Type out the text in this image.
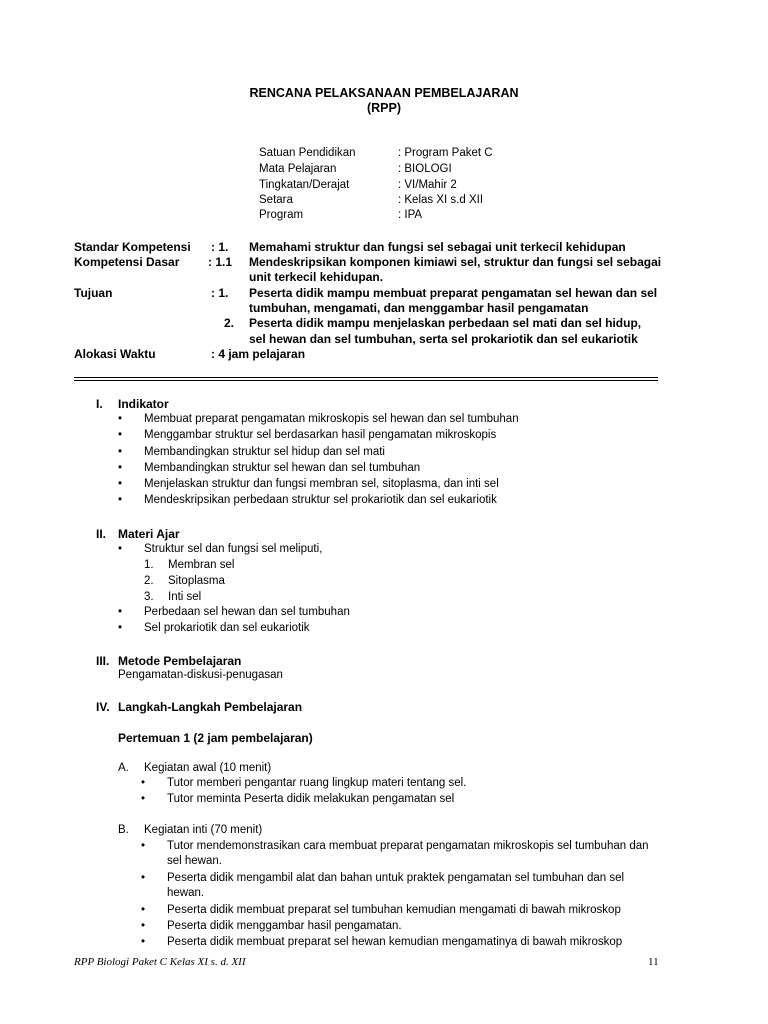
RENCANA PELAKSANAAN PEMBELAJARAN
(RPP)
Satuan Pendidikan	: Program Paket C
Mata Pelajaran	: BIOLOGI
Tingkatan/Derajat	: VI/Mahir 2
Setara	: Kelas XI s.d XII
Program	: IPA
Standar Kompetensi : 1. Memahami struktur dan fungsi sel sebagai unit terkecil kehidupan
Kompetensi Dasar : 1.1 Mendeskripsikan komponen kimiawi sel, struktur dan fungsi sel sebagai
unit terkecil kehidupan.
Tujuan	: 1. Peserta didik mampu membuat preparat pengamatan sel hewan dan sel
tumbuhan, mengamati, dan menggambar hasil pengamatan
2. Peserta didik mampu menjelaskan perbedaan sel mati dan sel hidup,
sel hewan dan sel tumbuhan, serta sel prokariotik dan sel eukariotik
Alokasi Waktu	: 4 jam pelajaran
I. Indikator
• Membuat preparat pengamatan mikroskopis sel hewan dan sel tumbuhan
• Menggambar struktur sel berdasarkan hasil pengamatan mikroskopis
• Membandingkan struktur sel hidup dan sel mati
• Membandingkan struktur sel hewan dan sel tumbuhan
• Menjelaskan struktur dan fungsi membran sel, sitoplasma, dan inti sel
• Mendeskripsikan perbedaan struktur sel prokariotik dan sel eukariotik
II. Materi Ajar
• Struktur sel dan fungsi sel meliputi,
1. Membran sel
2. Sitoplasma
3. Inti sel
• Perbedaan sel hewan dan sel tumbuhan
• Sel prokariotik dan sel eukariotik
III. Metode Pembelajaran
Pengamatan-diskusi-penugasan
IV. Langkah-Langkah Pembelajaran
Pertemuan 1 (2 jam pembelajaran)
A. Kegiatan awal (10 menit)
• Tutor memberi pengantar ruang lingkup materi tentang sel.
• Tutor meminta Peserta didik melakukan pengamatan sel
B. Kegiatan inti (70 menit)
• Tutor mendemonstrasikan cara membuat preparat pengamatan mikroskopis sel tumbuhan dan
sel hewan.
• Peserta didik mengambil alat dan bahan untuk praktek pengamatan sel tumbuhan dan sel
hewan.
• Peserta didik membuat preparat sel tumbuhan kemudian mengamati di bawah mikroskop
• Peserta didik menggambar hasil pengamatan.
• Peserta didik membuat preparat sel hewan kemudian mengamatinya di bawah mikroskop
RPP Biologi Paket C Kelas XI s. d. XII	11
